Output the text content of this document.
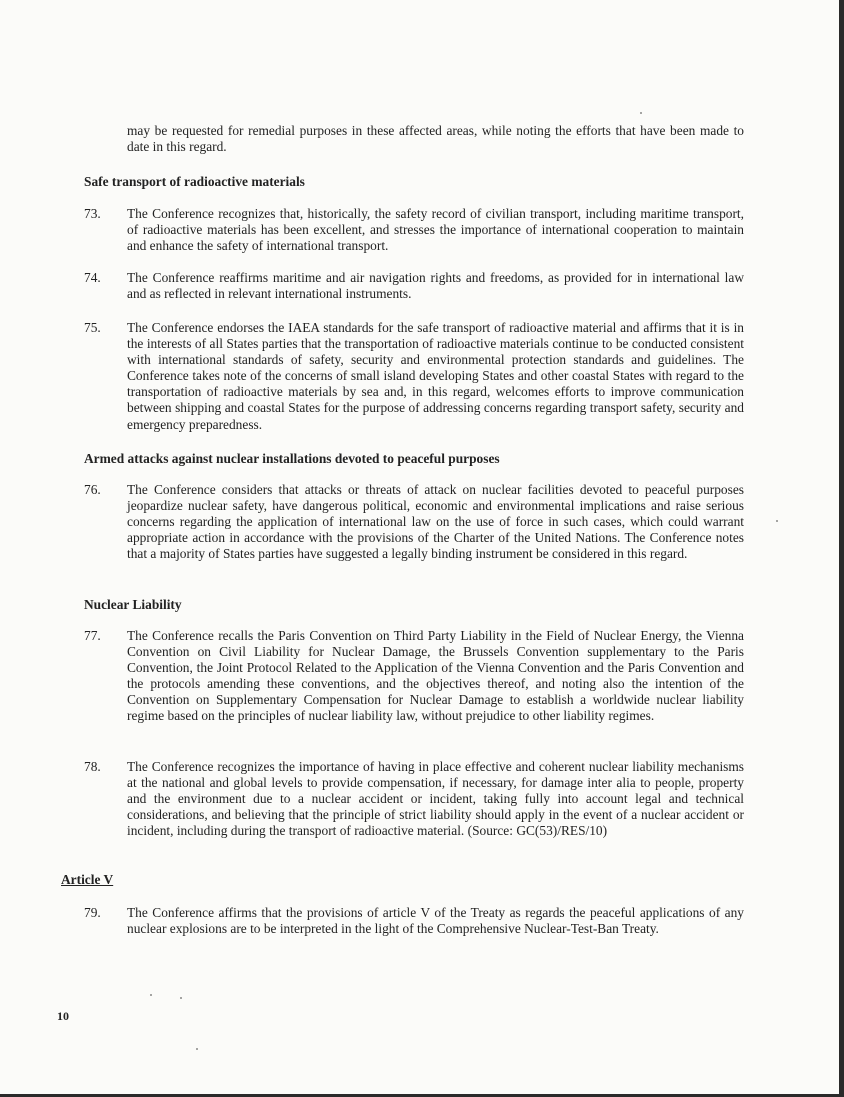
may be requested for remedial purposes in these affected areas, while noting the efforts that have been made to date in this regard.
Safe transport of radioactive materials
73. The Conference recognizes that, historically, the safety record of civilian transport, including maritime transport, of radioactive materials has been excellent, and stresses the importance of international cooperation to maintain and enhance the safety of international transport.
74. The Conference reaffirms maritime and air navigation rights and freedoms, as provided for in international law and as reflected in relevant international instruments.
75. The Conference endorses the IAEA standards for the safe transport of radioactive material and affirms that it is in the interests of all States parties that the transportation of radioactive materials continue to be conducted consistent with international standards of safety, security and environmental protection standards and guidelines. The Conference takes note of the concerns of small island developing States and other coastal States with regard to the transportation of radioactive materials by sea and, in this regard, welcomes efforts to improve communication between shipping and coastal States for the purpose of addressing concerns regarding transport safety, security and emergency preparedness.
Armed attacks against nuclear installations devoted to peaceful purposes
76. The Conference considers that attacks or threats of attack on nuclear facilities devoted to peaceful purposes jeopardize nuclear safety, have dangerous political, economic and environmental implications and raise serious concerns regarding the application of international law on the use of force in such cases, which could warrant appropriate action in accordance with the provisions of the Charter of the United Nations. The Conference notes that a majority of States parties have suggested a legally binding instrument be considered in this regard.
Nuclear Liability
77. The Conference recalls the Paris Convention on Third Party Liability in the Field of Nuclear Energy, the Vienna Convention on Civil Liability for Nuclear Damage, the Brussels Convention supplementary to the Paris Convention, the Joint Protocol Related to the Application of the Vienna Convention and the Paris Convention and the protocols amending these conventions, and the objectives thereof, and noting also the intention of the Convention on Supplementary Compensation for Nuclear Damage to establish a worldwide nuclear liability regime based on the principles of nuclear liability law, without prejudice to other liability regimes.
78. The Conference recognizes the importance of having in place effective and coherent nuclear liability mechanisms at the national and global levels to provide compensation, if necessary, for damage inter alia to people, property and the environment due to a nuclear accident or incident, taking fully into account legal and technical considerations, and believing that the principle of strict liability should apply in the event of a nuclear accident or incident, including during the transport of radioactive material. (Source: GC(53)/RES/10)
Article V
79. The Conference affirms that the provisions of article V of the Treaty as regards the peaceful applications of any nuclear explosions are to be interpreted in the light of the Comprehensive Nuclear-Test-Ban Treaty.
10
